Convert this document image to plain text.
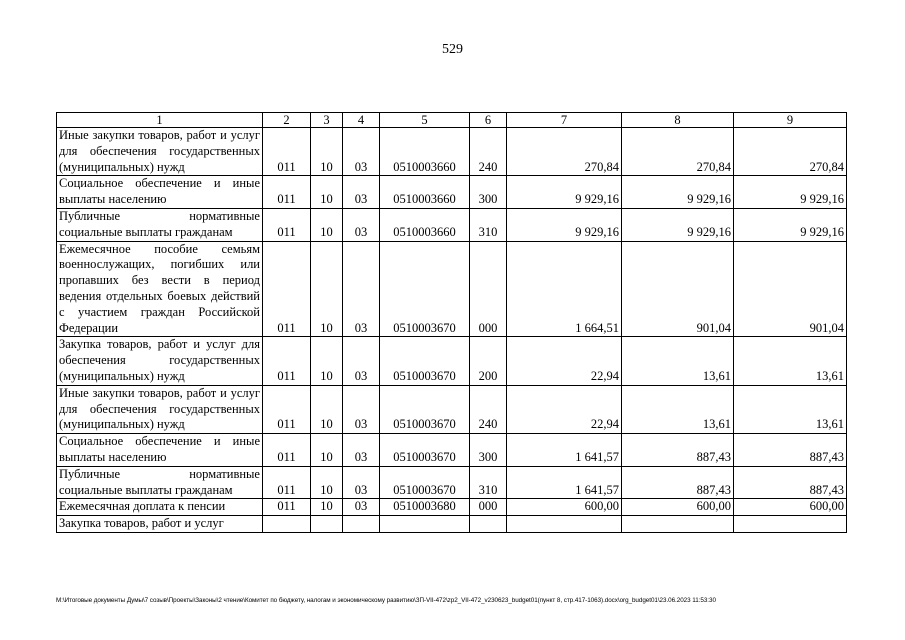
529
1	2	3	4	5	6	7	8	9
Иные закупки товаров, работ и услуг для обеспечения государственных (муниципальных) нужд	011	10	03	0510003660	240	270,84	270,84	270,84
Социальное обеспечение и иные выплаты населению	011	10	03	0510003660	300	9 929,16	9 929,16	9 929,16
Публичные нормативные социальные выплаты гражданам	011	10	03	0510003660	310	9 929,16	9 929,16	9 929,16
Ежемесячное пособие семьям военнослужащих, погибших или пропавших без вести в период ведения отдельных боевых действий с участием граждан Российской Федерации	011	10	03	0510003670	000	1 664,51	901,04	901,04
Закупка товаров, работ и услуг для обеспечения государственных (муниципальных) нужд	011	10	03	0510003670	200	22,94	13,61	13,61
Иные закупки товаров, работ и услуг для обеспечения государственных (муниципальных) нужд	011	10	03	0510003670	240	22,94	13,61	13,61
Социальное обеспечение и иные выплаты населению	011	10	03	0510003670	300	1 641,57	887,43	887,43
Публичные нормативные социальные выплаты гражданам	011	10	03	0510003670	310	1 641,57	887,43	887,43
Ежемесячная доплата к пенсии	011	10	03	0510003680	000	600,00	600,00	600,00
Закупка товаров, работ и услуг								
M:\Итоговые документы Думы\7 созыв\Проекты\Законы\2 чтение\Комитет по бюджету, налогам и экономическому развитию\ЗП-VII-472\zp2_VII-472_v230623_budget01(пункт 8, стр.417-1063).docx\org_budget01\23.06.2023 11:53:30
